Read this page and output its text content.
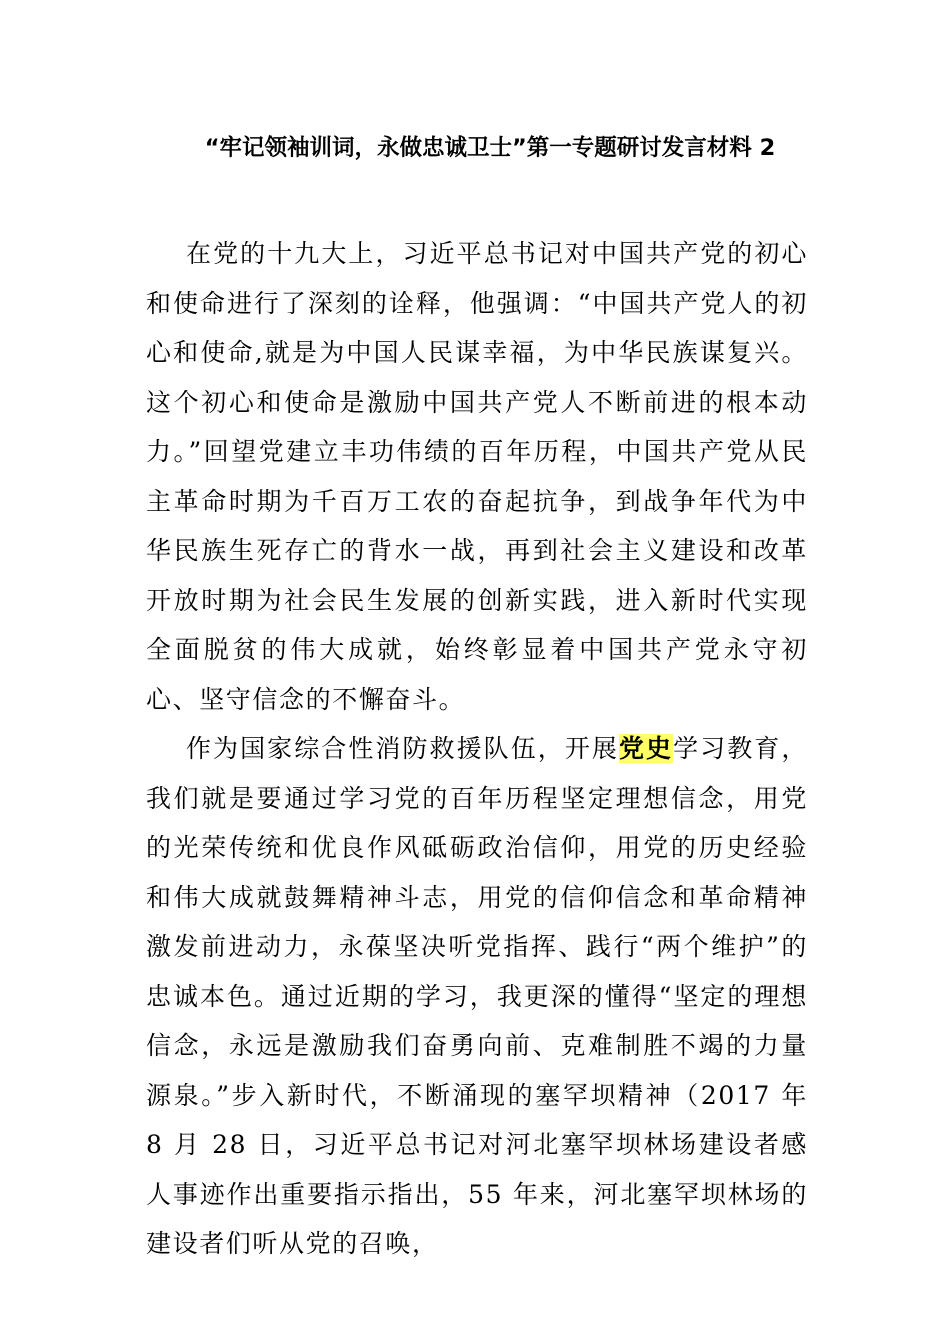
“牢记领袖训词，永做忠诚卫士”第一专题研讨发言材料 2

在党的十九大上，习近平总书记对中国共产党的初心和使命进行了深刻的诠释，他强调：“中国共产党人的初心和使命,就是为中国人民谋幸福，为中华民族谋复兴。这个初心和使命是激励中国共产党人不断前进的根本动力。”回望党建立丰功伟绩的百年历程，中国共产党从民主革命时期为千百万工农的奋起抗争，到战争年代为中华民族生死存亡的背水一战，再到社会主义建设和改革开放时期为社会民生发展的创新实践，进入新时代实现全面脱贫的伟大成就，始终彰显着中国共产党永守初心、坚守信念的不懈奋斗。

作为国家综合性消防救援队伍，开展党史学习教育，我们就是要通过学习党的百年历程坚定理想信念，用党的光荣传统和优良作风砥砺政治信仰，用党的历史经验和伟大成就鼓舞精神斗志，用党的信仰信念和革命精神激发前进动力，永葆坚决听党指挥、践行“两个维护”的忠诚本色。通过近期的学习，我更深的懂得“坚定的理想信念，永远是激励我们奋勇向前、克难制胜不竭的力量源泉。”步入新时代，不断涌现的塞罕坝精神（2017 年 8 月 28 日，习近平总书记对河北塞罕坝林场建设者感人事迹作出重要指示指出，55 年来，河北塞罕坝林场的建设者们听从党的召唤，
